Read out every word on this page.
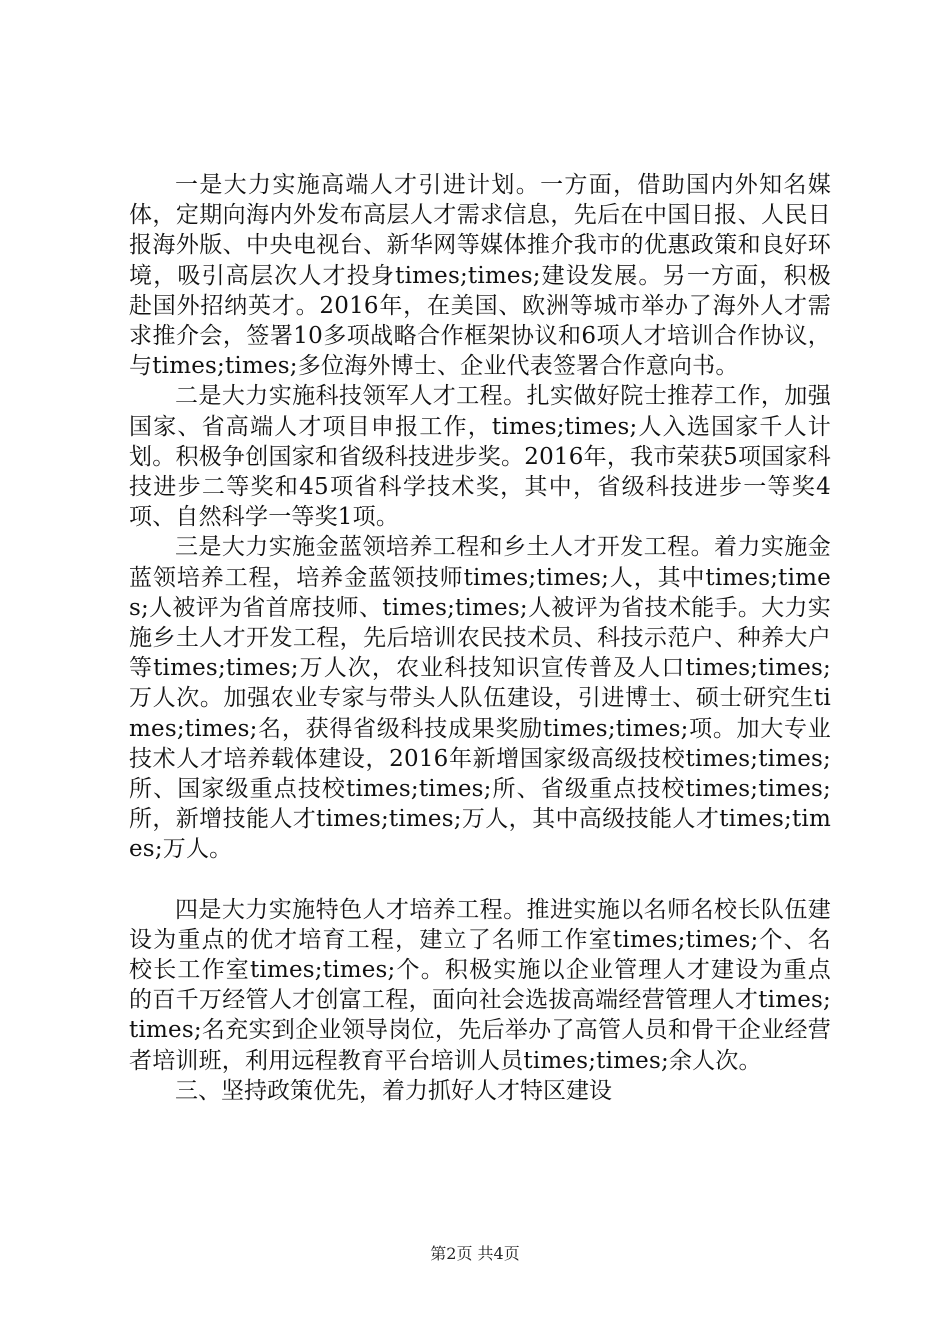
一是大力实施高端人才引进计划。一方面，借助国内外知名媒体，定期向海内外发布高层人才需求信息，先后在中国日报、人民日报海外版、中央电视台、新华网等媒体推介我市的优惠政策和良好环境，吸引高层次人才投身times;times;建设发展。另一方面，积极赴国外招纳英才。2016年，在美国、欧洲等城市举办了海外人才需求推介会，签署10多项战略合作框架协议和6项人才培训合作协议，与times;times;多位海外博士、企业代表签署合作意向书。

二是大力实施科技领军人才工程。扎实做好院士推荐工作，加强国家、省高端人才项目申报工作，times;times;人入选国家千人计划。积极争创国家和省级科技进步奖。2016年，我市荣获5项国家科技进步二等奖和45项省科学技术奖，其中，省级科技进步一等奖4项、自然科学一等奖1项。

三是大力实施金蓝领培养工程和乡土人才开发工程。着力实施金蓝领培养工程，培养金蓝领技师times;times;人，其中times;times;人被评为省首席技师、times;times;人被评为省技术能手。大力实施乡土人才开发工程，先后培训农民技术员、科技示范户、种养大户等times;times;万人次，农业科技知识宣传普及人口times;times;万人次。加强农业专家与带头人队伍建设，引进博士、硕士研究生times;times;名，获得省级科技成果奖励times;times;项。加大专业技术人才培养载体建设，2016年新增国家级高级技校times;times;所、国家级重点技校times;times;所、省级重点技校times;times;所，新增技能人才times;times;万人，其中高级技能人才times;times;万人。

四是大力实施特色人才培养工程。推进实施以名师名校长队伍建设为重点的优才培育工程，建立了名师工作室times;times;个、名校长工作室times;times;个。积极实施以企业管理人才建设为重点的百千万经管人才创富工程，面向社会选拔高端经营管理人才times;times;名充实到企业领导岗位，先后举办了高管人员和骨干企业经营者培训班，利用远程教育平台培训人员times;times;余人次。

三、坚持政策优先，着力抓好人才特区建设

第2页 共4页
